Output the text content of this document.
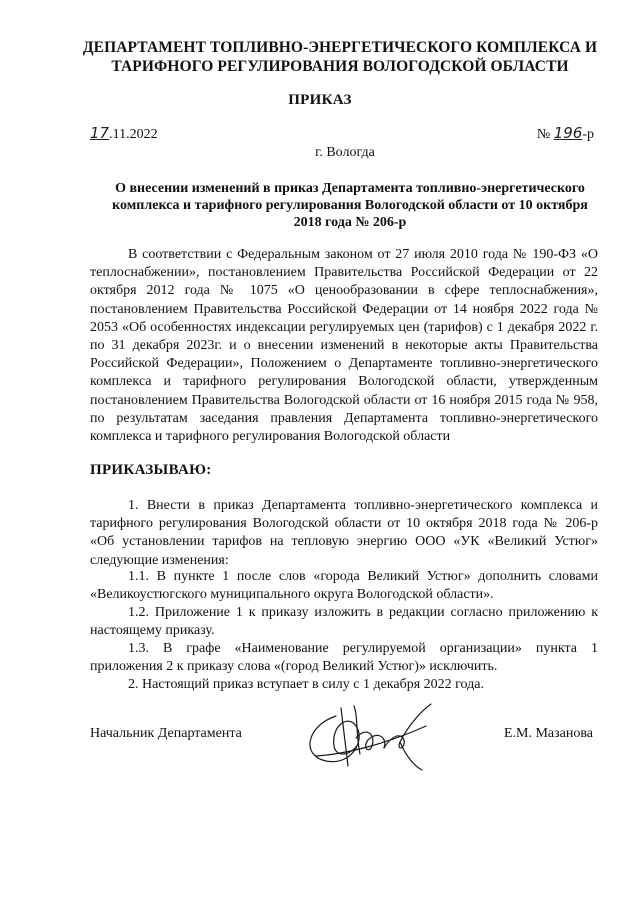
ДЕПАРТАМЕНТ ТОПЛИВНО-ЭНЕРГЕТИЧЕСКОГО КОМПЛЕКСА И ТАРИФНОГО РЕГУЛИРОВАНИЯ ВОЛОГОДСКОЙ ОБЛАСТИ
ПРИКАЗ
17.11.2022	№ 196-р
г. Вологда
О внесении изменений в приказ Департамента топливно-энергетического комплекса и тарифного регулирования Вологодской области от 10 октября 2018 года № 206-р
В соответствии с Федеральным законом от 27 июля 2010 года № 190-ФЗ «О теплоснабжении», постановлением Правительства Российской Федерации от 22 октября 2012 года № 1075 «О ценообразовании в сфере теплоснабжения», постановлением Правительства Российской Федерации от 14 ноября 2022 года № 2053 «Об особенностях индексации регулируемых цен (тарифов) с 1 декабря 2022 г. по 31 декабря 2023г. и о внесении изменений в некоторые акты Правительства Российской Федерации», Положением о Департаменте топливно-энергетического комплекса и тарифного регулирования Вологодской области, утвержденным постановлением Правительства Вологодской области от 16 ноября 2015 года № 958, по результатам заседания правления Департамента топливно-энергетического комплекса и тарифного регулирования Вологодской области
ПРИКАЗЫВАЮ:
1. Внести в приказ Департамента топливно-энергетического комплекса и тарифного регулирования Вологодской области от 10 октября 2018 года № 206-р «Об установлении тарифов на тепловую энергию ООО «УК «Великий Устюг» следующие изменения:
1.1. В пункте 1 после слов «города Великий Устюг» дополнить словами «Великоустюгского муниципального округа Вологодской области».
1.2. Приложение 1 к приказу изложить в редакции согласно приложению к настоящему приказу.
1.3. В графе «Наименование регулируемой организации» пункта 1 приложения 2 к приказу слова «(город Великий Устюг)» исключить.
2. Настоящий приказ вступает в силу с 1 декабря 2022 года.
Начальник Департамента	Е.М. Мазанова
